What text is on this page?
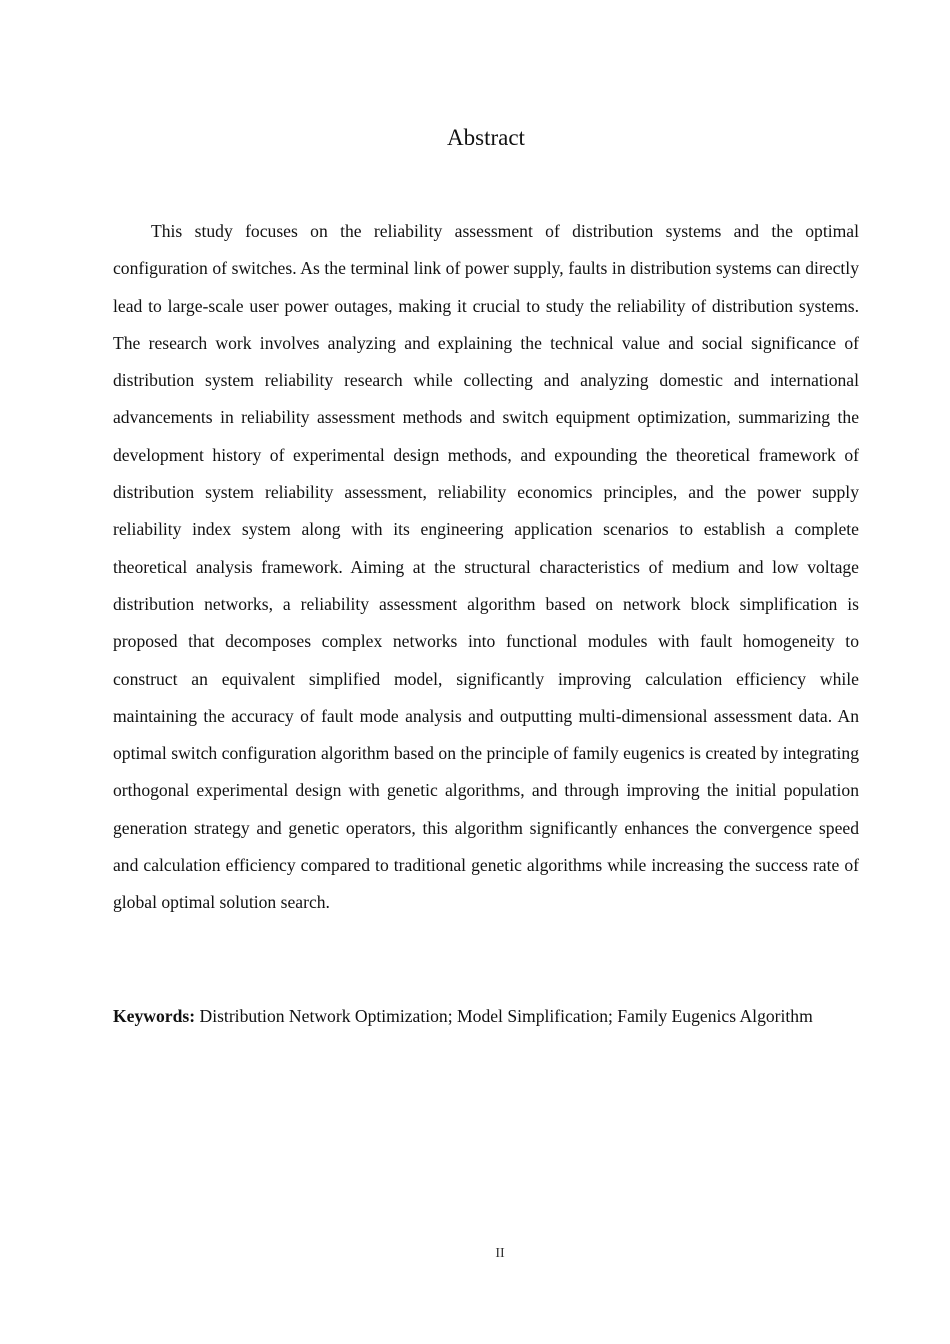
Abstract

This study focuses on the reliability assessment of distribution systems and the optimal configuration of switches. As the terminal link of power supply, faults in distribution systems can directly lead to large-scale user power outages, making it crucial to study the reliability of distribution systems. The research work involves analyzing and explaining the technical value and social significance of distribution system reliability research while collecting and analyzing domestic and international advancements in reliability assessment methods and switch equipment optimization, summarizing the development history of experimental design methods, and expounding the theoretical framework of distribution system reliability assessment, reliability economics principles, and the power supply reliability index system along with its engineering application scenarios to establish a complete theoretical analysis framework. Aiming at the structural characteristics of medium and low voltage distribution networks, a reliability assessment algorithm based on network block simplification is proposed that decomposes complex networks into functional modules with fault homogeneity to construct an equivalent simplified model, significantly improving calculation efficiency while maintaining the accuracy of fault mode analysis and outputting multi-dimensional assessment data. An optimal switch configuration algorithm based on the principle of family eugenics is created by integrating orthogonal experimental design with genetic algorithms, and through improving the initial population generation strategy and genetic operators, this algorithm significantly enhances the convergence speed and calculation efficiency compared to traditional genetic algorithms while increasing the success rate of global optimal solution search.

Keywords: Distribution Network Optimization; Model Simplification; Family Eugenics Algorithm

II
